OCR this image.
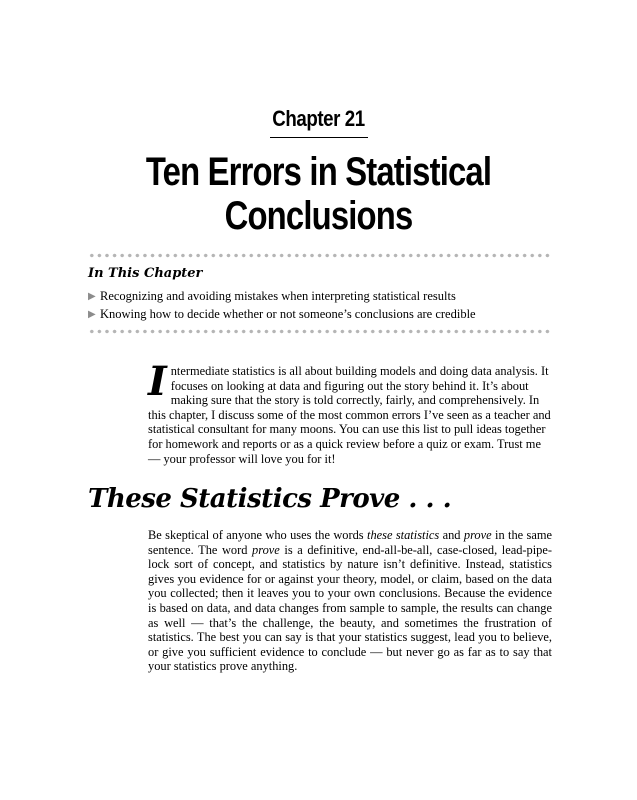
Chapter 21
Ten Errors in Statistical
Conclusions
In This Chapter
▶ Recognizing and avoiding mistakes when interpreting statistical results
▶ Knowing how to decide whether or not someone’s conclusions are credible

Intermediate statistics is all about building models and doing data analysis. It focuses on looking at data and figuring out the story behind it. It’s about making sure that the story is told correctly, fairly, and comprehensively. In this chapter, I discuss some of the most common errors I’ve seen as a teacher and statistical consultant for many moons. You can use this list to pull ideas together for homework and reports or as a quick review before a quiz or exam. Trust me — your professor will love you for it!

These Statistics Prove . . .

Be skeptical of anyone who uses the words these statistics and prove in the same sentence. The word prove is a definitive, end-all-be-all, case-closed, lead-pipe-lock sort of concept, and statistics by nature isn’t definitive. Instead, statistics gives you evidence for or against your theory, model, or claim, based on the data you collected; then it leaves you to your own conclusions. Because the evidence is based on data, and data changes from sample to sample, the results can change as well — that’s the challenge, the beauty, and sometimes the frustration of statistics. The best you can say is that your statistics suggest, lead you to believe, or give you sufficient evidence to conclude — but never go as far as to say that your statistics prove anything.
